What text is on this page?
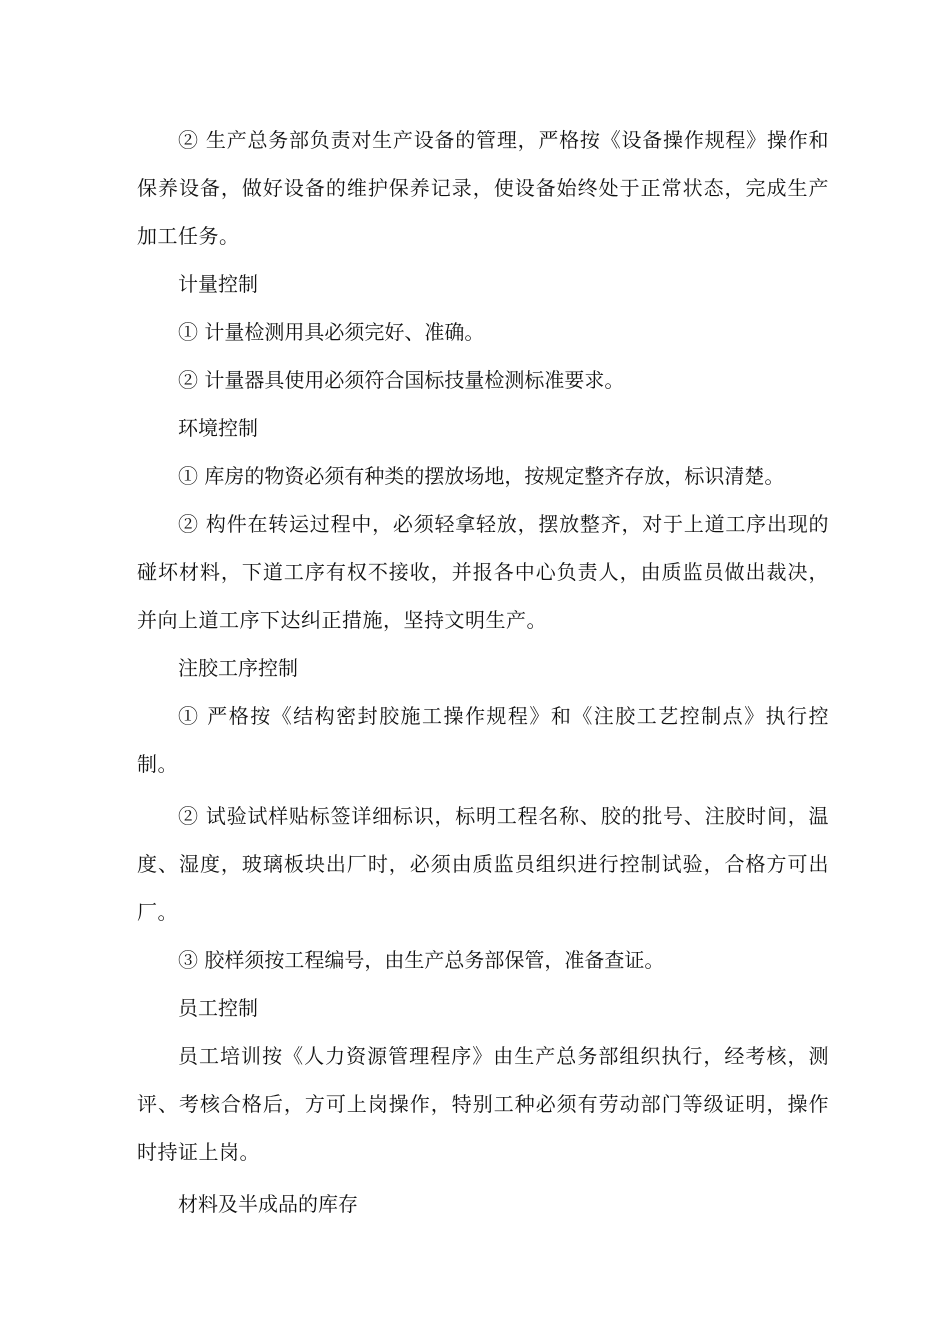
② 生产总务部负责对生产设备的管理，严格按《设备操作规程》操作和保养设备，做好设备的维护保养记录，使设备始终处于正常状态，完成生产加工任务。
计量控制
① 计量检测用具必须完好、准确。
② 计量器具使用必须符合国标技量检测标准要求。
环境控制
① 库房的物资必须有种类的摆放场地，按规定整齐存放，标识清楚。
② 构件在转运过程中，必须轻拿轻放，摆放整齐，对于上道工序出现的碰坏材料，下道工序有权不接收，并报各中心负责人，由质监员做出裁决，并向上道工序下达纠正措施，坚持文明生产。
注胶工序控制
① 严格按《结构密封胶施工操作规程》和《注胶工艺控制点》执行控制。
② 试验试样贴标签详细标识，标明工程名称、胶的批号、注胶时间，温度、湿度，玻璃板块出厂时，必须由质监员组织进行控制试验，合格方可出厂。
③ 胶样须按工程编号，由生产总务部保管，准备查证。
员工控制
员工培训按《人力资源管理程序》由生产总务部组织执行，经考核，测评、考核合格后，方可上岗操作，特别工种必须有劳动部门等级证明，操作时持证上岗。
材料及半成品的库存
